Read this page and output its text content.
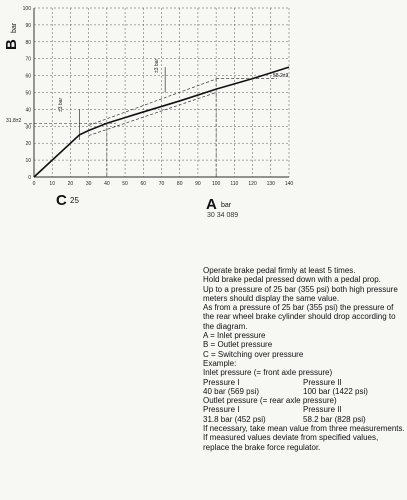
0	10	20	30	40	50	60	70	80	90 100 110 120 130 140
0
10
20
30
40
50
60
70
80
90
100
B
bar
A bar
C 25
30 34 089
31.8±2
58.2±3
±3 bar
±3 bar

Operate brake pedal firmly at least 5 times.

Hold brake pedal pressed down with a pedal prop.

Up to a pressure of 25 bar (355 psi) both high pressure meters should display the same value.

As from a pressure of 25 bar (355 psi) the pressure of the rear wheel brake cylinder should drop according to the diagram.

A = Inlet pressure

B = Outlet pressure

C = Switching over pressure

Example:

Inlet pressure (= front axle pressure)

Pressure I	Pressure II
40 bar (569 psi)	100 bar (1422 psi)

Outlet pressure (= rear axle pressure)

Pressure I	Pressure II
31.8 bar (452 psi)	58.2 bar (828 psi)

If necessary, take mean value from three measurements.

If measured values deviate from specified values, replace the brake force regulator.
